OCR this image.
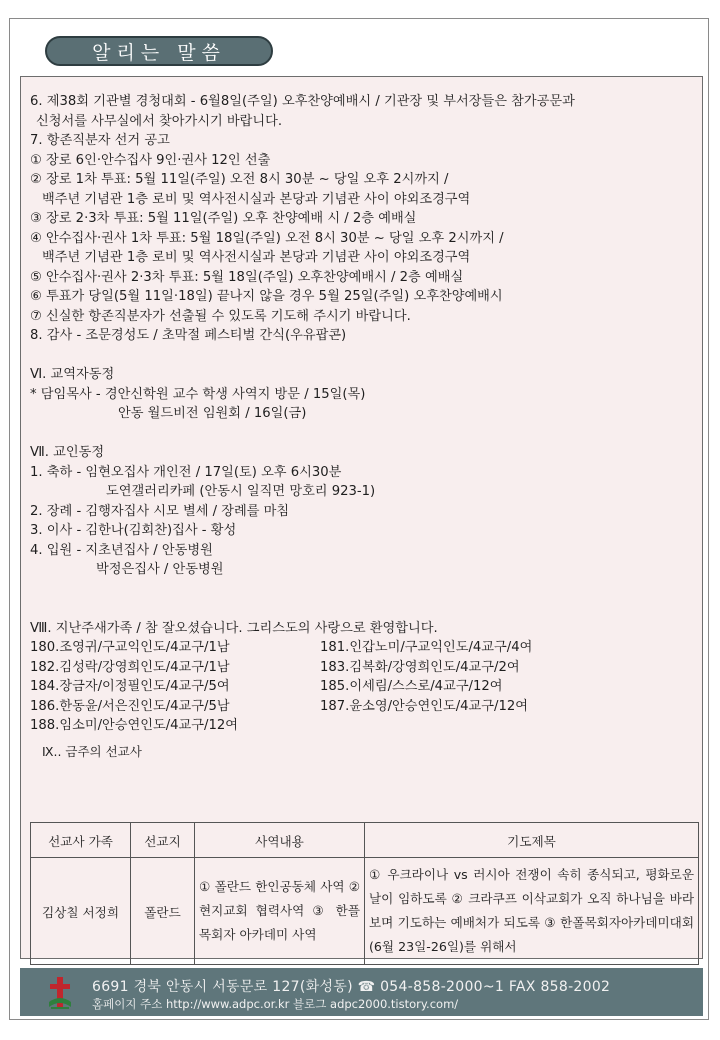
알리는 말씀
6. 제38회 기관별 경청대회 - 6월8일(주일) 오후찬양예배시 / 기관장 및 부서장들은 참가공문과
신청서를 사무실에서 찾아가시기 바랍니다.
7. 항존직분자 선거 공고
① 장로 6인·안수집사 9인·권사 12인 선출
② 장로 1차 투표: 5월 11일(주일) 오전 8시 30분 ~ 당일 오후 2시까지 /
백주년 기념관 1층 로비 및 역사전시실과 본당과 기념관 사이 야외조경구역
③ 장로 2·3차 투표: 5월 11일(주일) 오후 찬양예배 시 / 2층 예배실
④ 안수집사·권사 1차 투표: 5월 18일(주일) 오전 8시 30분 ~ 당일 오후 2시까지 /
백주년 기념관 1층 로비 및 역사전시실과 본당과 기념관 사이 야외조경구역
⑤ 안수집사·권사 2·3차 투표: 5월 18일(주일) 오후찬양예배시 / 2층 예배실
⑥ 투표가 당일(5월 11일·18일) 끝나지 않을 경우 5월 25일(주일) 오후찬양예배시
⑦ 신실한 항존직분자가 선출될 수 있도록 기도해 주시기 바랍니다.
8. 감사 - 조문경성도 / 초막절 페스티벌 간식(우유팝콘)
Ⅵ. 교역자동정
* 담임목사 - 경안신학원 교수 학생 사역지 방문 / 15일(목)
안동 월드비전 임원회 / 16일(금)
Ⅶ. 교인동정
1. 축하 - 임현오집사 개인전 / 17일(토) 오후 6시30분
도연갤러리카페 (안동시 일직면 망호리 923-1)
2. 장례 - 김행자집사 시모 별세 / 장례를 마침
3. 이사 - 김한나(김회찬)집사 - 황성
4. 입원 - 지초년집사 / 안동병원
박정은집사 / 안동병원
Ⅷ. 지난주새가족 / 참 잘오셨습니다. 그리스도의 사랑으로 환영합니다.
180.조영귀/구교익인도/4교구/1남	181.인갑노미/구교익인도/4교구/4여
182.김성락/강영희인도/4교구/1남	183.김복화/강영희인도/4교구/2여
184.장금자/이정필인도/4교구/5여	185.이세림/스스로/4교구/12여
186.한동윤/서은진인도/4교구/5남	187.윤소영/안승연인도/4교구/12여
188.임소미/안승연인도/4교구/12여
Ⅸ.. 금주의 선교사
선교사 가족	선교지	사역내용	기도제목
김상칠 서정희	폴란드	① 폴란드 한인공동체 사역 ② 현지교회 협력사역 ③ 한플 목회자 아카데미 사역	① 우크라이나 vs 러시아 전쟁이 속히 종식되고, 평화로운 날이 임하도록 ② 크라쿠프 이삭교회가 오직 하나님을 바라보며 기도하는 예배처가 되도록 ③ 한폴목회자아카데미대회(6월 23일-26일)를 위해서
6691 경북 안동시 서동문로 127(화성동) ☎ 054-858-2000~1 FAX 858-2002
홈페이지 주소 http://www.adpc.or.kr 블로그 adpc2000.tistory.com/
